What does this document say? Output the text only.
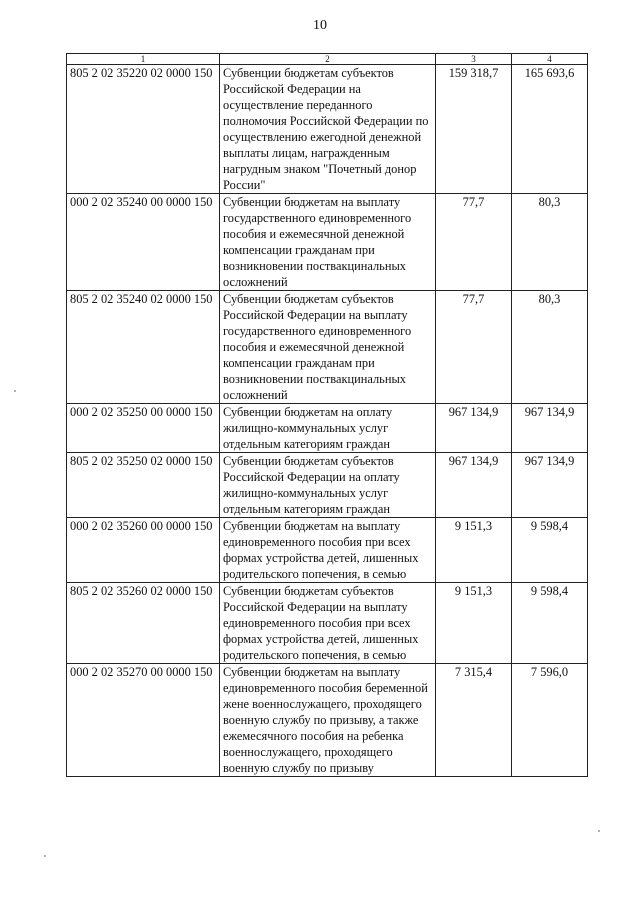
10
1	2	3	4
805 2 02 35220 02 0000 150	Субвенции бюджетам субъектов Российской Федерации на осуществление переданного полномочия Российской Федерации по осуществлению ежегодной денежной выплаты лицам, награжденным нагрудным знаком "Почетный донор России"	159 318,7	165 693,6
000 2 02 35240 00 0000 150	Субвенции бюджетам на выплату государственного единовременного пособия и ежемесячной денежной компенсации гражданам при возникновении поствакцинальных осложнений	77,7	80,3
805 2 02 35240 02 0000 150	Субвенции бюджетам субъектов Российской Федерации на выплату государственного единовременного пособия и ежемесячной денежной компенсации гражданам при возникновении поствакцинальных осложнений	77,7	80,3
000 2 02 35250 00 0000 150	Субвенции бюджетам на оплату жилищно-коммунальных услуг отдельным категориям граждан	967 134,9	967 134,9
805 2 02 35250 02 0000 150	Субвенции бюджетам субъектов Российской Федерации на оплату жилищно-коммунальных услуг отдельным категориям граждан	967 134,9	967 134,9
000 2 02 35260 00 0000 150	Субвенции бюджетам на выплату единовременного пособия при всех формах устройства детей, лишенных родительского попечения, в семью	9 151,3	9 598,4
805 2 02 35260 02 0000 150	Субвенции бюджетам субъектов Российской Федерации на выплату единовременного пособия при всех формах устройства детей, лишенных родительского попечения, в семью	9 151,3	9 598,4
000 2 02 35270 00 0000 150	Субвенции бюджетам на выплату единовременного пособия беременной жене военнослужащего, проходящего военную службу по призыву, а также ежемесячного пособия на ребенка военнослужащего, проходящего военную службу по призыву	7 315,4	7 596,0
